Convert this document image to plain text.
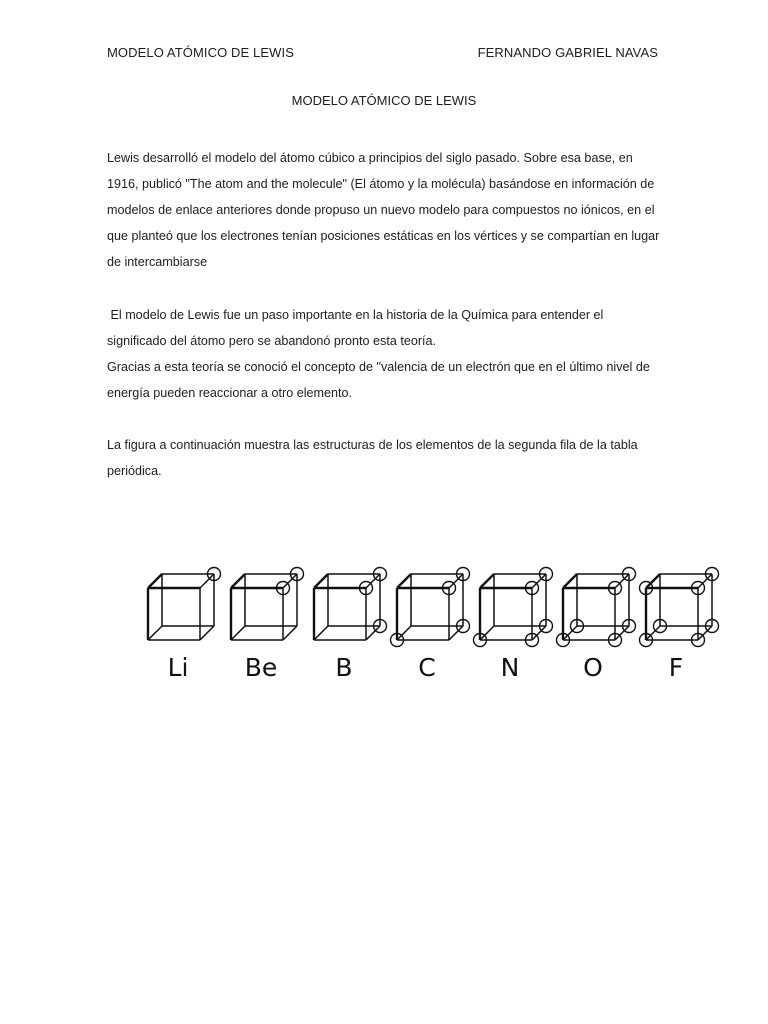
MODELO ATÓMICO DE LEWIS	FERNANDO GABRIEL NAVAS
MODELO ATÓMICO DE LEWIS

Lewis desarrolló el modelo del átomo cúbico a principios del siglo pasado. Sobre esa base, en
1916, publicó "The atom and the molecule" (El átomo y la molécula) basándose en información de
modelos de enlace anteriores donde propuso un nuevo modelo para compuestos no iónicos, en el
que planteó que los electrones tenían posiciones estáticas en los vértices y se compartían en lugar
de intercambiarse

El modelo de Lewis fue un paso importante en la historia de la Química para entender el
significado del átomo pero se abandonó pronto esta teoría.
Gracias a esta teoría se conoció el concepto de "valencia de un electrón que en el último nivel de
energía pueden reaccionar a otro elemento.

La figura a continuación muestra las estructuras de los elementos de la segunda fila de la tabla
periódica.

Li Be B	C	N	O	F
